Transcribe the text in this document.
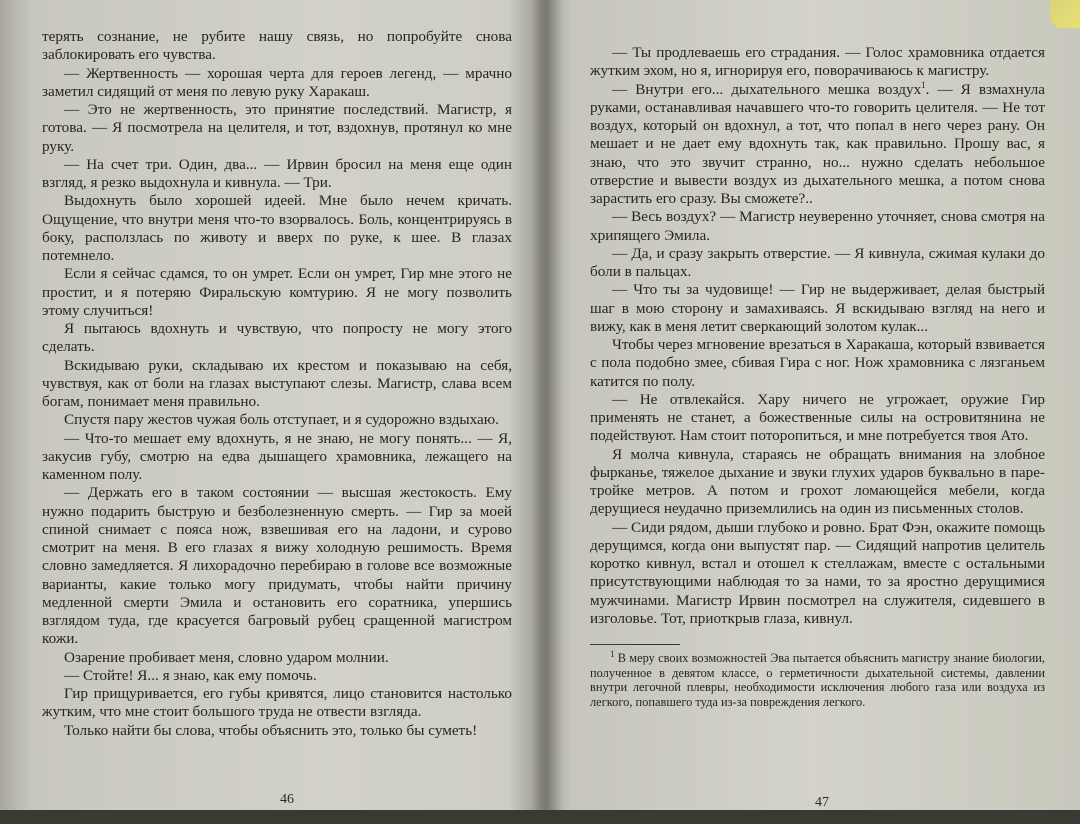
терять сознание, не рубите нашу связь, но попробуйте снова заблокировать его чувства.

— Жертвенность — хорошая черта для героев легенд, — мрачно заметил сидящий от меня по левую руку Харакаш.

— Это не жертвенность, это принятие последствий. Магистр, я готова. — Я посмотрела на целителя, и тот, вздохнув, протянул ко мне руку.

— На счет три. Один, два... — Ирвин бросил на меня еще один взгляд, я резко выдохнула и кивнула. — Три.

Выдохнуть было хорошей идеей. Мне было нечем кричать. Ощущение, что внутри меня что-то взорвалось. Боль, концентрируясь в боку, расползлась по животу и вверх по руке, к шее. В глазах потемнело.

Если я сейчас сдамся, то он умрет. Если он умрет, Гир мне этого не простит, и я потеряю Фиральскую комтурию. Я не могу позволить этому случиться!

Я пытаюсь вдохнуть и чувствую, что попросту не могу этого сделать.

Вскидываю руки, складываю их крестом и показываю на себя, чувствуя, как от боли на глазах выступают слезы. Магистр, слава всем богам, понимает меня правильно.

Спустя пару жестов чужая боль отступает, и я судорожно вздыхаю.

— Что-то мешает ему вдохнуть, я не знаю, не могу понять... — Я, закусив губу, смотрю на едва дышащего храмовника, лежащего на каменном полу.

— Держать его в таком состоянии — высшая жестокость. Ему нужно подарить быструю и безболезненную смерть. — Гир за моей спиной снимает с пояса нож, взвешивая его на ладони, и сурово смотрит на меня. В его глазах я вижу холодную решимость. Время словно замедляется. Я лихорадочно перебираю в голове все возможные варианты, какие только могу придумать, чтобы найти причину медленной смерти Эмила и остановить его соратника, упершись взглядом туда, где красуется багровый рубец сращенной магистром кожи.

Озарение пробивает меня, словно ударом молнии.

— Стойте! Я... я знаю, как ему помочь.

Гир прищуривается, его губы кривятся, лицо становится настолько жутким, что мне стоит большого труда не отвести взгляда.

Только найти бы слова, чтобы объяснить это, только бы суметь!

46

— Ты продлеваешь его страдания. — Голос храмовника отдается жутким эхом, но я, игнорируя его, поворачиваюсь к магистру.

— Внутри его... дыхательного мешка воздух$^1$. — Я взмахнула руками, останавливая начавшего что-то говорить целителя. — Не тот воздух, который он вдохнул, а тот, что попал в него через рану. Он мешает и не дает ему вдохнуть так, как правильно. Прошу вас, я знаю, что это звучит странно, но... нужно сделать небольшое отверстие и вывести воздух из дыхательного мешка, а потом снова зарастить его сразу. Вы сможете?..

— Весь воздух? — Магистр неуверенно уточняет, снова смотря на хрипящего Эмила.

— Да, и сразу закрыть отверстие. — Я кивнула, сжимая кулаки до боли в пальцах.

— Что ты за чудовище! — Гир не выдерживает, делая быстрый шаг в мою сторону и замахиваясь. Я вскидываю взгляд на него и вижу, как в меня летит сверкающий золотом кулак...

Чтобы через мгновение врезаться в Харакаша, который взвивается с пола подобно змее, сбивая Гира с ног. Нож храмовника с лязганьем катится по полу.

— Не отвлекайся. Хару ничего не угрожает, оружие Гир применять не станет, а божественные силы на островитянина не подействуют. Нам стоит поторопиться, и мне потребуется твоя Ато.

Я молча кивнула, стараясь не обращать внимания на злобное фырканье, тяжелое дыхание и звуки глухих ударов буквально в паре-тройке метров. А потом и грохот ломающейся мебели, когда дерущиеся неудачно приземлились на один из письменных столов.

— Сиди рядом, дыши глубоко и ровно. Брат Фэн, окажите помощь дерущимся, когда они выпустят пар. — Сидящий напротив целитель коротко кивнул, встал и отошел к стеллажам, вместе с остальными присутствующими наблюдая то за нами, то за яростно дерущимися мужчинами. Магистр Ирвин посмотрел на служителя, сидевшего в изголовье. Тот, приоткрыв глаза, кивнул.

$^1$ В меру своих возможностей Эва пытается объяснить магистру знание биологии, полученное в девятом классе, о герметичности дыхательной системы, давлении внутри легочной плевры, необходимости исключения любого газа или воздуха из легкого, попавшего туда из-за повреждения легкого.

47
